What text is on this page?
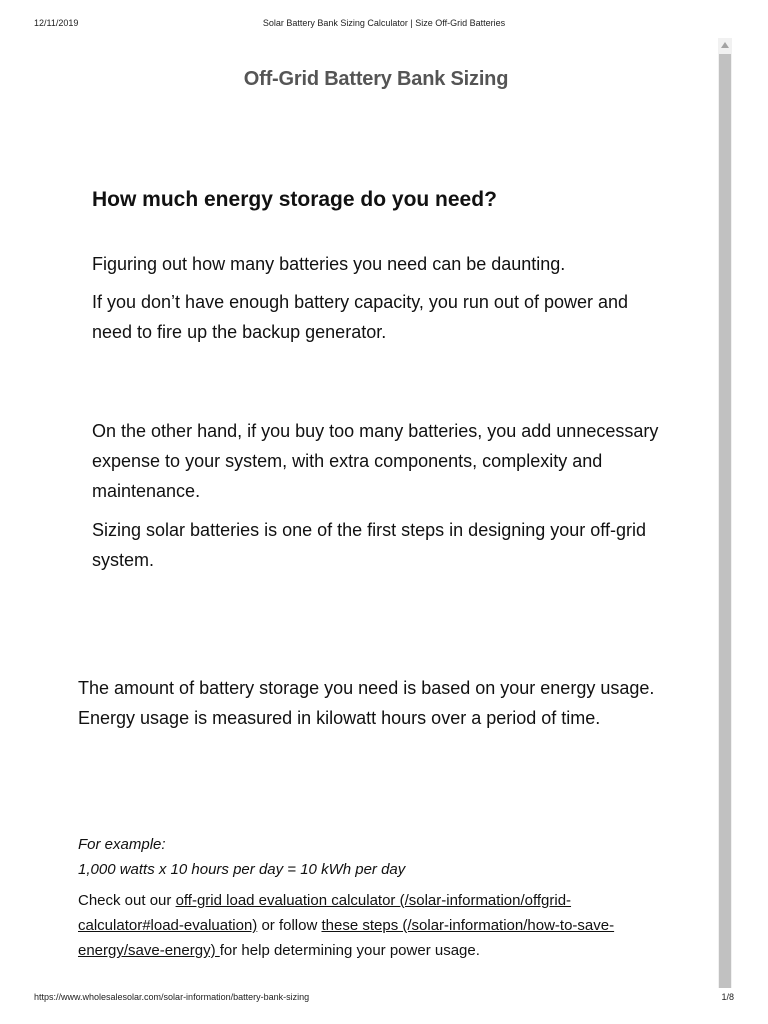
12/11/2019	Solar Battery Bank Sizing Calculator | Size Off-Grid Batteries
Off-Grid Battery Bank Sizing
How much energy storage do you need?
Figuring out how many batteries you need can be daunting.
If you don’t have enough battery capacity, you run out of power and need to fire up the backup generator.
On the other hand, if you buy too many batteries, you add unnecessary expense to your system, with extra components, complexity and maintenance.
Sizing solar batteries is one of the first steps in designing your off-grid system.
The amount of battery storage you need is based on your energy usage. Energy usage is measured in kilowatt hours over a period of time.
For example:
1,000 watts x 10 hours per day = 10 kWh per day
Check out our off-grid load evaluation calculator (/solar-information/offgrid-calculator#load-evaluation) or follow these steps (/solar-information/how-to-save-energy/save-energy) for help determining your power usage.
https://www.wholesalesolar.com/solar-information/battery-bank-sizing	1/8
